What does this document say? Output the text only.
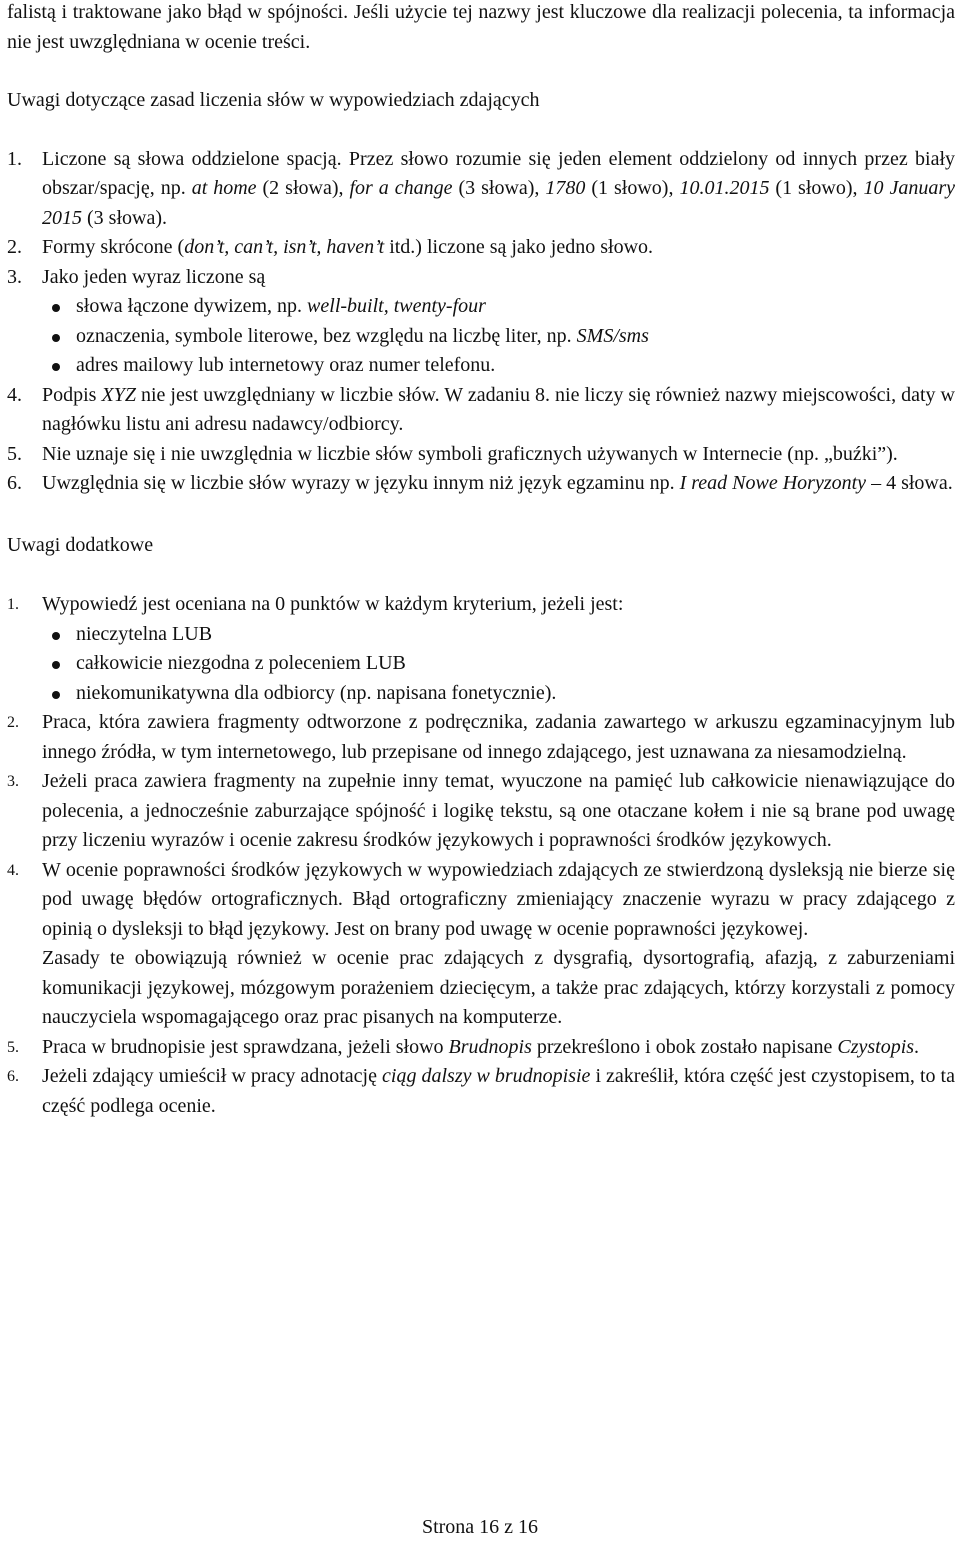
falistą i traktowane jako błąd w spójności. Jeśli użycie tej nazwy jest kluczowe dla realizacji polecenia, ta informacja nie jest uwzględniana w ocenie treści.

Uwagi dotyczące zasad liczenia słów w wypowiedziach zdających

1.	Liczone są słowa oddzielone spacją. Przez słowo rozumie się jeden element oddzielony od innych przez biały obszar/spację, np. at home (2 słowa), for a change (3 słowa), 1780 (1 słowo), 10.01.2015 (1 słowo), 10 January 2015 (3 słowa).

2.	Formy skrócone (don’t, can’t, isn’t, haven’t itd.) liczone są jako jedno słowo.

3.	Jako jeden wyraz liczone są

słowa łączone dywizem, np. well-built, twenty-four
oznaczenia, symbole literowe, bez względu na liczbę liter, np. SMS/sms
adres mailowy lub internetowy oraz numer telefonu.
4.	Podpis XYZ nie jest uwzględniany w liczbie słów. W zadaniu 8. nie liczy się również nazwy miejscowości, daty w nagłówku listu ani adresu nadawcy/odbiorcy.

5.	Nie uznaje się i nie uwzględnia w liczbie słów symboli graficznych używanych w Internecie (np. „buźki”).

6.	Uwzględnia się w liczbie słów wyrazy w języku innym niż język egzaminu np. I read Nowe Horyzonty – 4 słowa.

Uwagi dodatkowe

1.	Wypowiedź jest oceniana na 0 punktów w każdym kryterium, jeżeli jest:

nieczytelna LUB
całkowicie niezgodna z poleceniem LUB
niekomunikatywna dla odbiorcy (np. napisana fonetycznie).
2.	Praca, która zawiera fragmenty odtworzone z podręcznika, zadania zawartego w arkuszu egzaminacyjnym lub innego źródła, w tym internetowego, lub przepisane od innego zdającego, jest uznawana za niesamodzielną.

3.	Jeżeli praca zawiera fragmenty na zupełnie inny temat, wyuczone na pamięć lub całkowicie nienawiązujące do polecenia, a jednocześnie zaburzające spójność i logikę tekstu, są one otaczane kołem i nie są brane pod uwagę przy liczeniu wyrazów i ocenie zakresu środków językowych i poprawności środków językowych.

4.	W ocenie poprawności środków językowych w wypowiedziach zdających ze stwierdzoną dysleksją nie bierze się pod uwagę błędów ortograficznych. Błąd ortograficzny zmieniający znaczenie wyrazu w pracy zdającego z opinią o dysleksji to błąd językowy. Jest on brany pod uwagę w ocenie poprawności językowej.

Zasady te obowiązują również w ocenie prac zdających z dysgrafią, dysortografią, afazją, z zaburzeniami komunikacji językowej, mózgowym porażeniem dziecięcym, a także prac zdających, którzy korzystali z pomocy nauczyciela wspomagającego oraz prac pisanych na komputerze.

5.	Praca w brudnopisie jest sprawdzana, jeżeli słowo Brudnopis przekreślono i obok zostało napisane Czystopis.

6.	Jeżeli zdający umieścił w pracy adnotację ciąg dalszy w brudnopisie i zakreślił, która część jest czystopisem, to ta część podlega ocenie.

Strona 16 z 16
